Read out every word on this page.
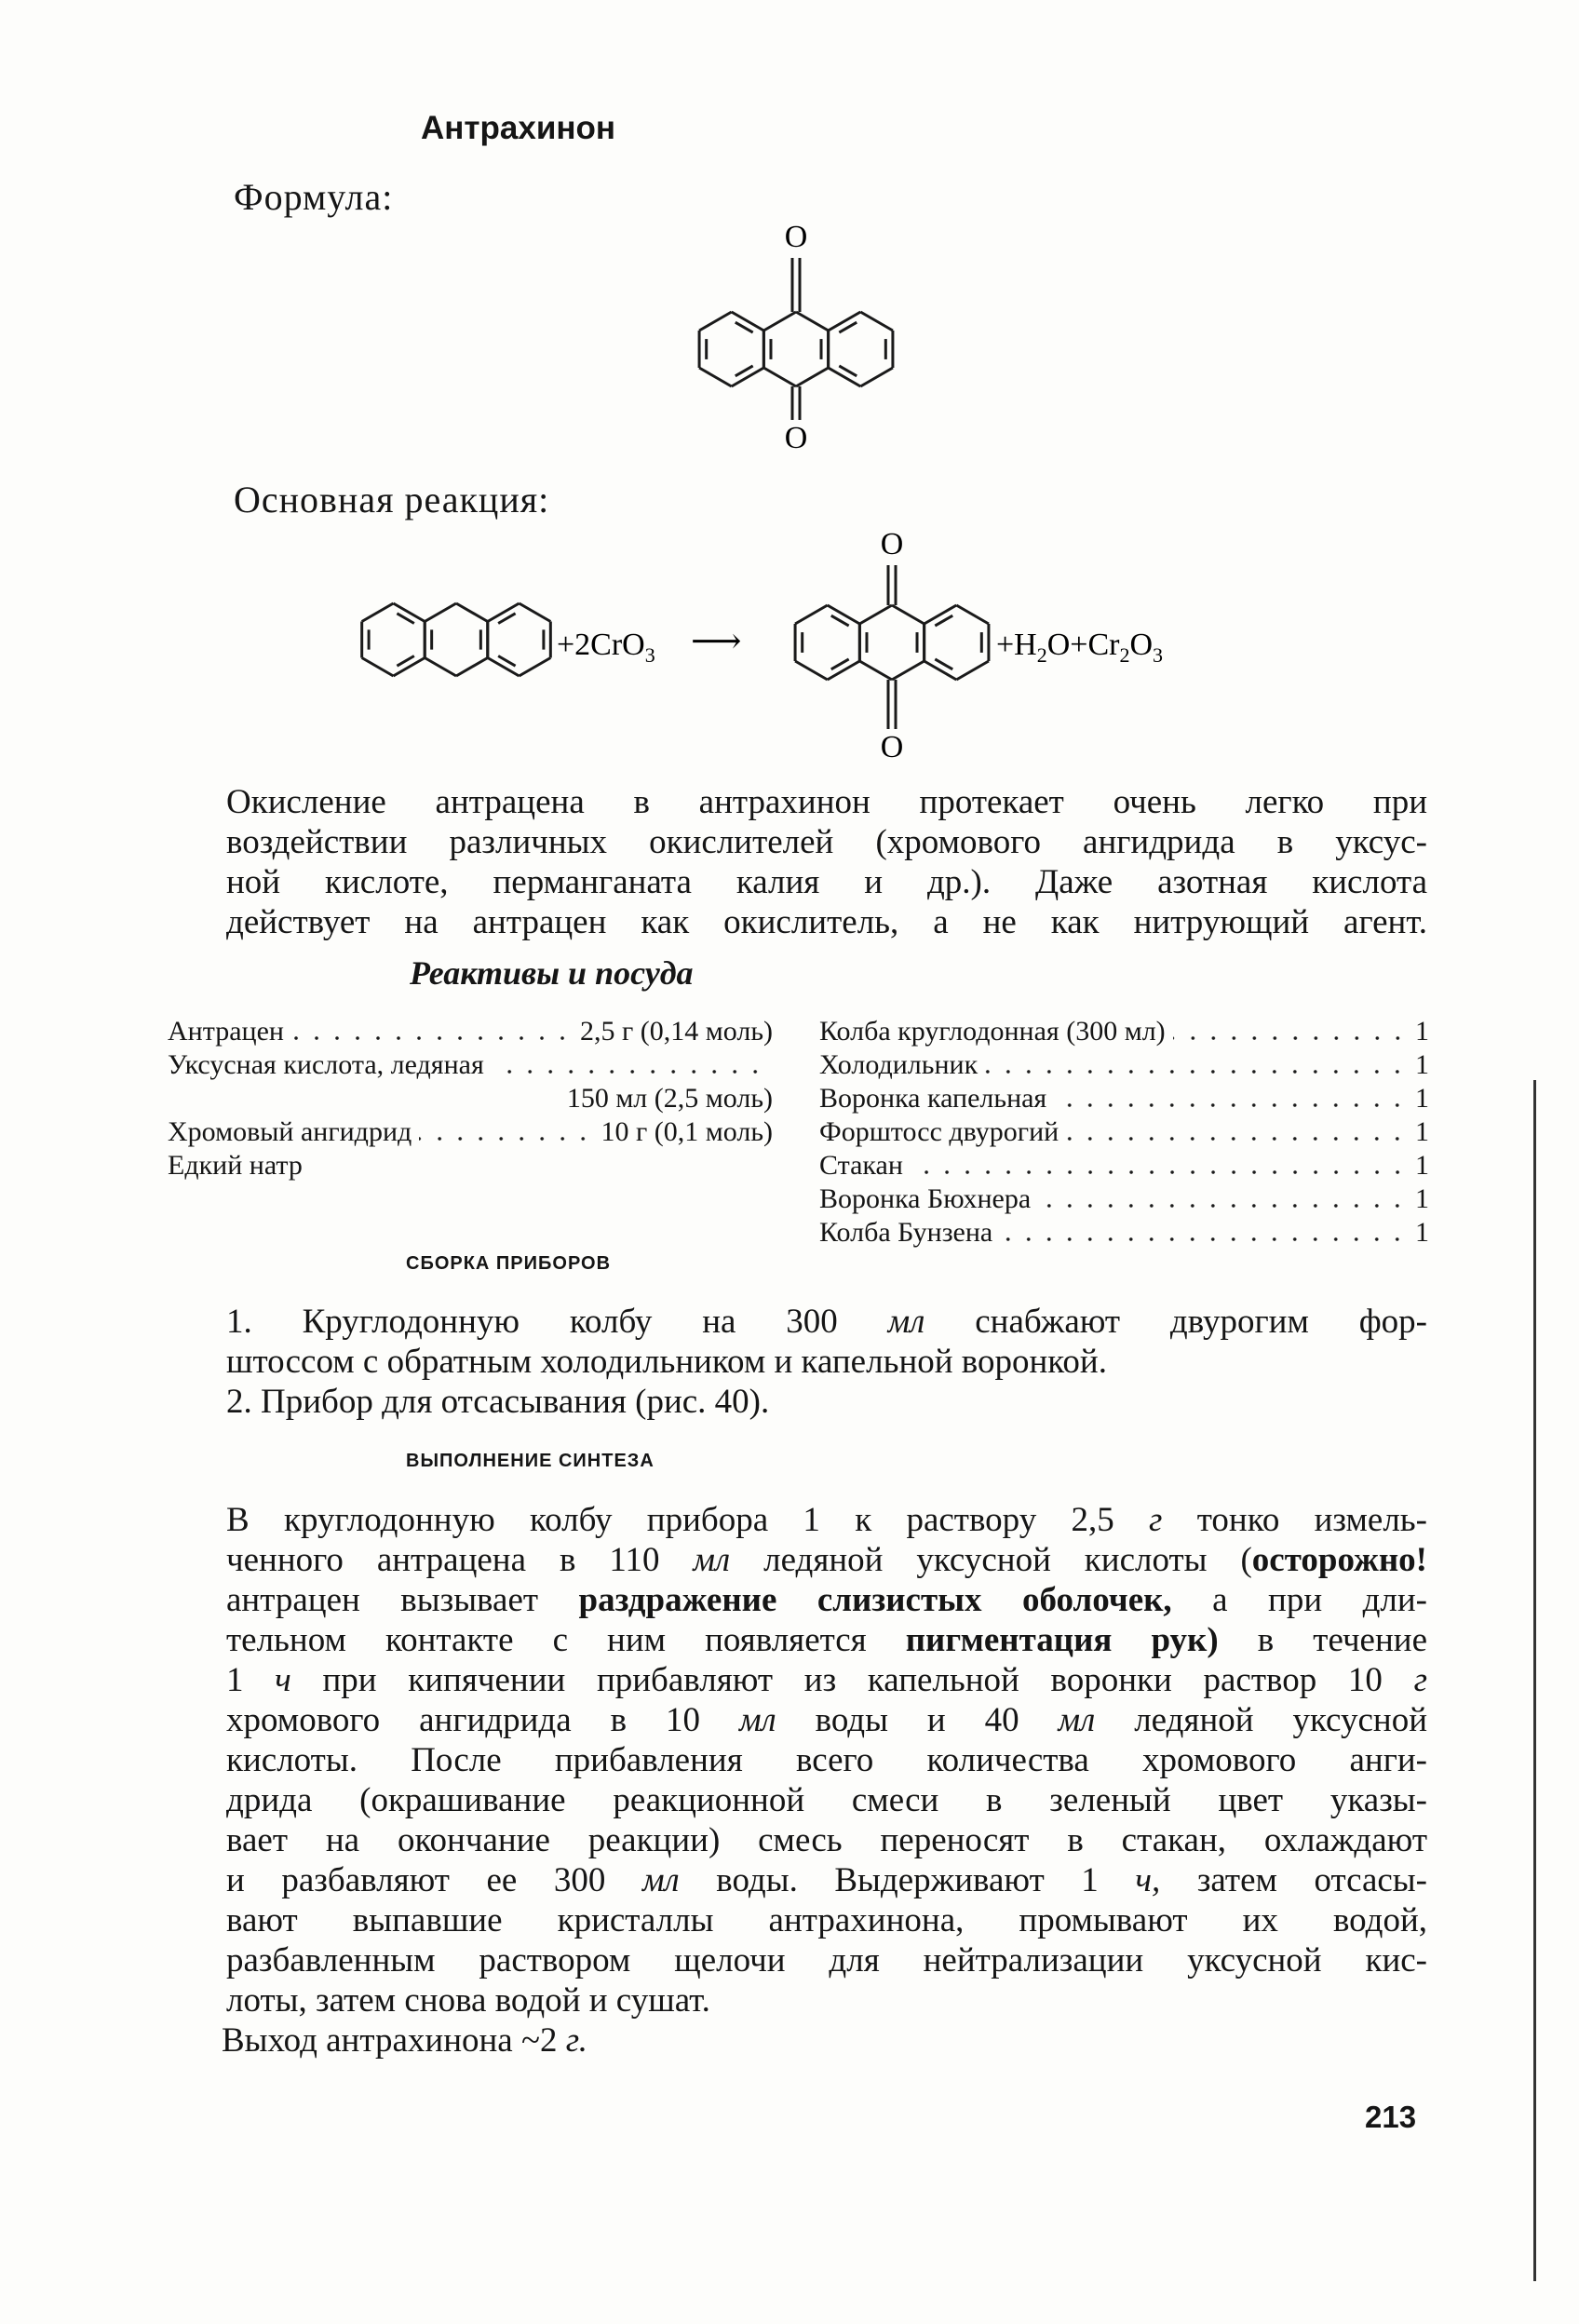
Антрахинон
Формула:
O
O
Основная реакция:
+2CrO$_3$ ⟶
O
O
$+H_2O+Cr_2O_3$
Окисление антрацена в антрахинон протекает очень легко при
воздействии различных окислителей (хромового ангидрида в уксус-
ной кислоте, перманганата калия и др.). Даже азотная кислота
действует на антрацен как окислитель, а не как нитрующий агент.
Реактивы и посуда
Антрацен	2,5 г (0,14 моль)
Уксусная кислота, ледяная
150 мл (2,5 моль)
Хромовый ангидрид	10 г (0,1 моль)
Едкий натр
Колба круглодонная (300 мл)	1
Холодильник	1
Воронка капельная	1
Форштосс двурогий	1
Стакан	1
Воронка Бюхнера	1
Колба Бунзена	1
СБОРКА ПРИБОРОВ
1. Круглодонную колбу на 300 мл снабжают двурогим фор-
штоссом с обратным холодильником и капельной воронкой.
2. Прибор для отсасывания (рис. 40).
ВЫПОЛНЕНИЕ СИНТЕЗА
В круглодонную колбу прибора 1 к раствору 2,5 г тонко измель-
ченного антрацена в 110 мл ледяной уксусной кислоты (осторожно!
антрацен вызывает раздражение слизистых оболочек, а при дли-
тельном контакте с ним появляется пигментация рук) в течение
1 ч при кипячении прибавляют из капельной воронки раствор 10 г
хромового ангидрида в 10 мл воды и 40 мл ледяной уксусной
кислоты. После прибавления всего количества хромового анги-
дрида (окрашивание реакционной смеси в зеленый цвет указы-
вает на окончание реакции) смесь переносят в стакан, охлаждают
и разбавляют ее 300 мл воды. Выдерживают 1 ч, затем отсасы-
вают выпавшие кристаллы антрахинона, промывают их водой,
разбавленным раствором щелочи для нейтрализации уксусной кис-
лоты, затем снова водой и сушат.
Выход антрахинона ~2 г.
213
